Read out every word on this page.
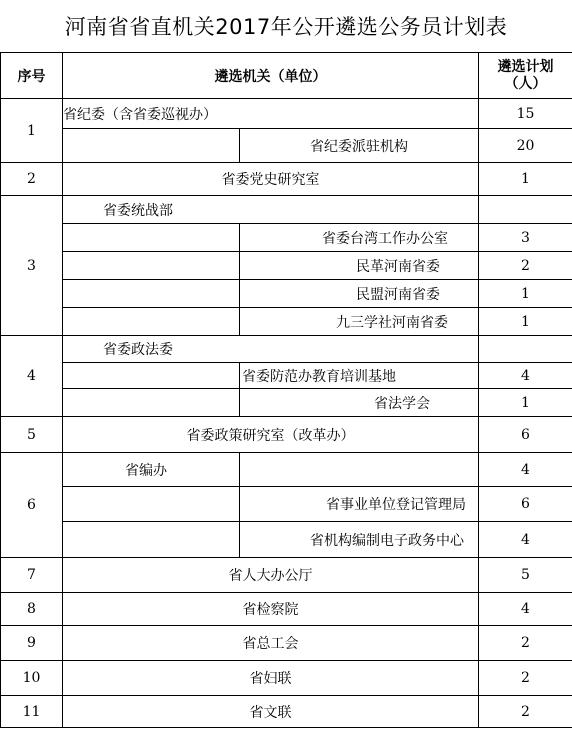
河南省省直机关2017年公开遴选公务员计划表
序号	遴选机关（单位）		遴选计划
（人）

1	省纪委（含省委巡视办）		15
		省纪委派驻机构	20
2	省委党史研究室		1
3	省委统战部		
		省委台湾工作办公室	3
		民革河南省委	2
		民盟河南省委	1
		九三学社河南省委	1
4	省委政法委		
		省委防范办教育培训基地	4
		省法学会	1
5	省委政策研究室（改革办）		6
6	省编办		4
		省事业单位登记管理局	6
		省机构编制电子政务中心	4
7	省人大办公厅		5
8	省检察院		4
9	省总工会		2
10	省妇联		2
11	省文联		2
